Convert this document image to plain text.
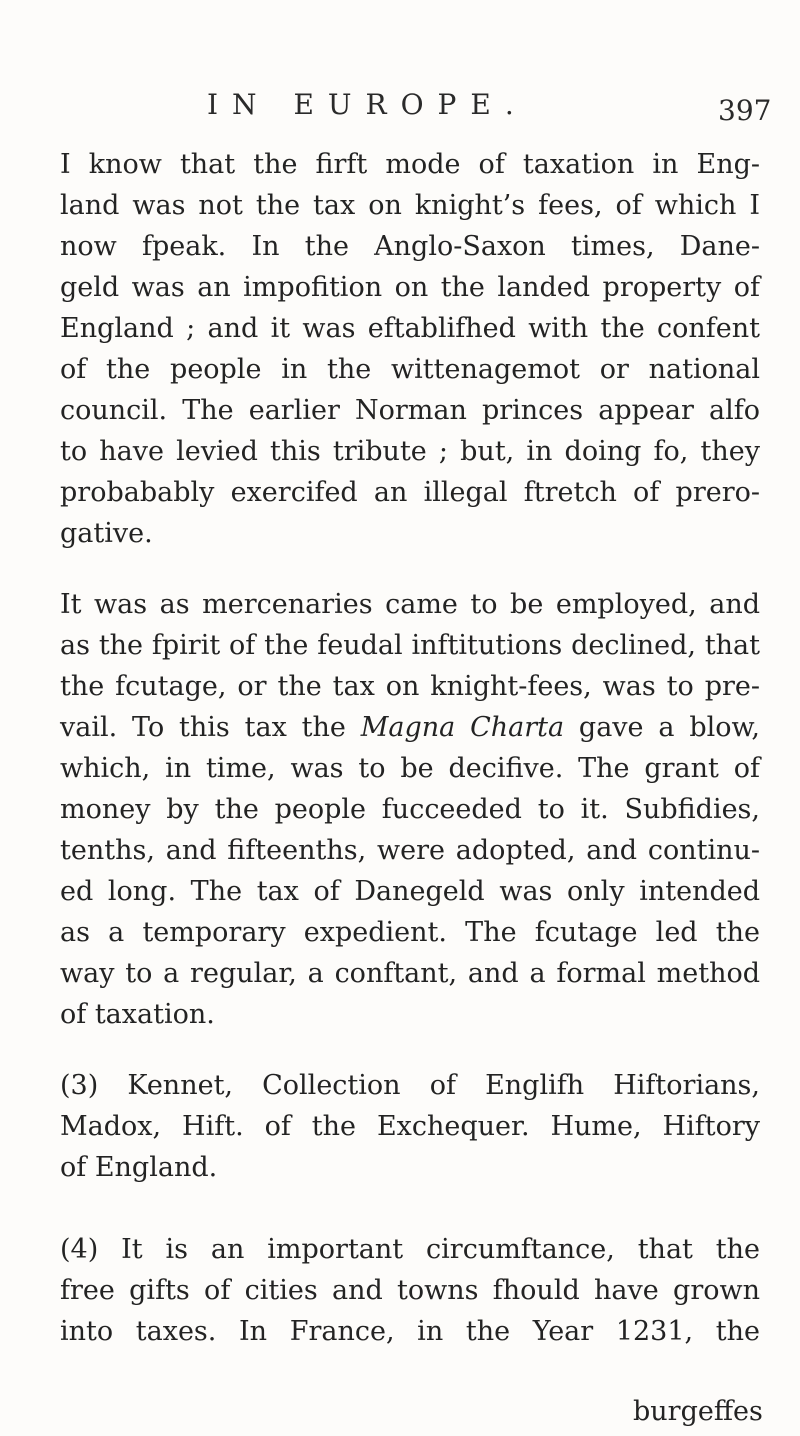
IN EUROPE.	397
I know that the firft mode of taxation in Eng-
land was not the tax on knight’s fees, of which I
now fpeak. In the Anglo-Saxon times, Dane-
geld was an impofition on the landed property of
England ; and it was eftablifhed with the confent
of the people in the wittenagemot or national
council. The earlier Norman princes appear alfo
to have levied this tribute ; but, in doing fo, they
probabably exercifed an illegal ftretch of prero-
gative.
It was as mercenaries came to be employed, and
as the fpirit of the feudal inftitutions declined, that
the fcutage, or the tax on knight-fees, was to pre-
vail. To this tax the Magna Charta gave a blow,
which, in time, was to be decifive. The grant of
money by the people fucceeded to it. Subfidies,
tenths, and fifteenths, were adopted, and continu-
ed long. The tax of Danegeld was only intended
as a temporary expedient. The fcutage led the
way to a regular, a conftant, and a formal method
of taxation.
(3) Kennet, Collection of Englifh Hiftorians,
Madox, Hift. of the Exchequer. Hume, Hiftory
of England.
(4) It is an important circumftance, that the
free gifts of cities and towns fhould have grown
into taxes. In France, in the Year 1231, the
burgeffes
